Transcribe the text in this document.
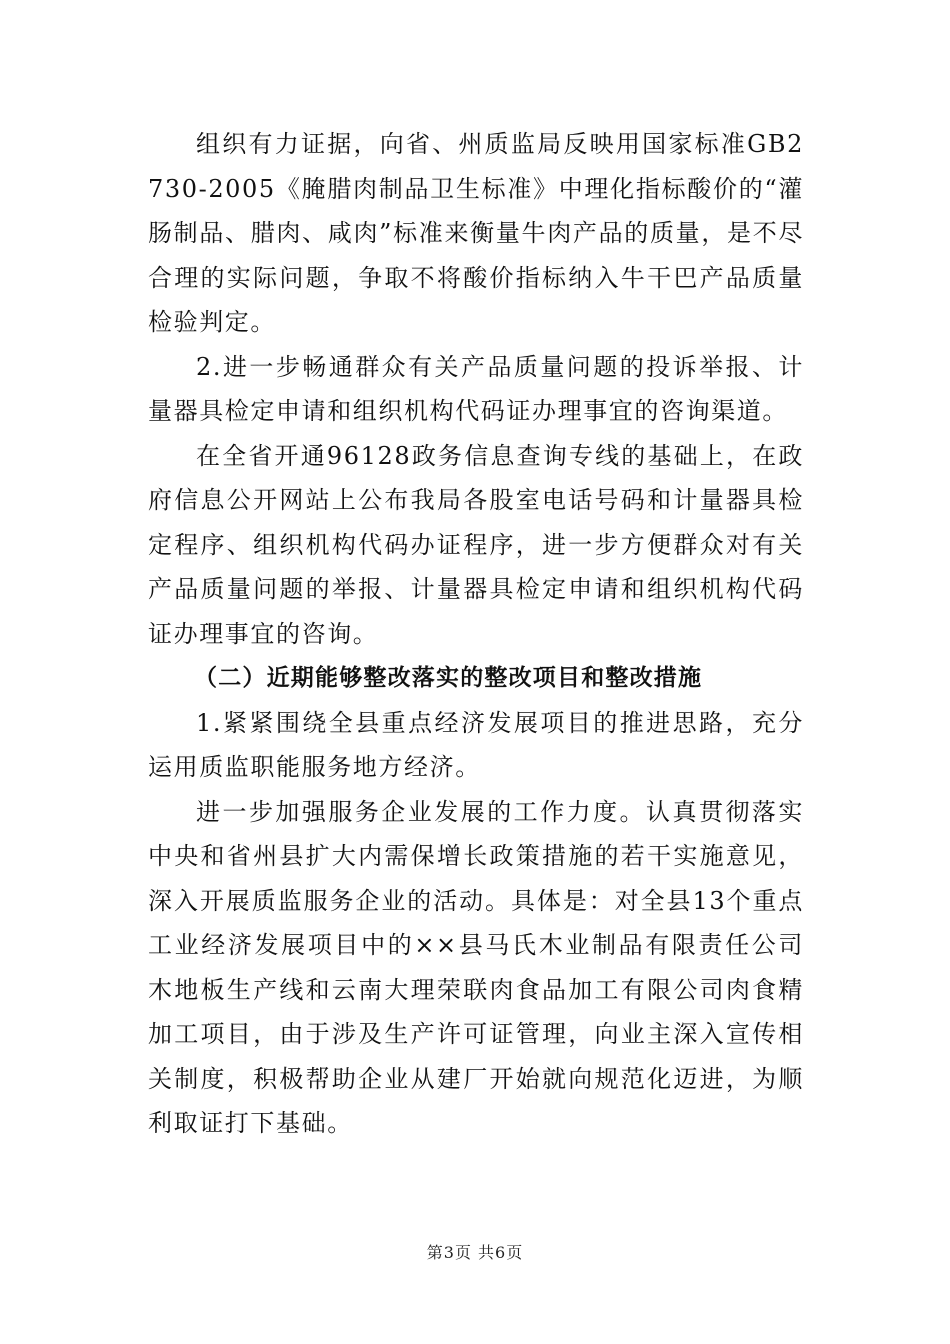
组织有力证据，向省、州质监局反映用国家标准GB2730-2005《腌腊肉制品卫生标准》中理化指标酸价的“灌肠制品、腊肉、咸肉”标准来衡量牛肉产品的质量，是不尽合理的实际问题，争取不将酸价指标纳入牛干巴产品质量检验判定。

2.进一步畅通群众有关产品质量问题的投诉举报、计量器具检定申请和组织机构代码证办理事宜的咨询渠道。

在全省开通96128政务信息查询专线的基础上，在政府信息公开网站上公布我局各股室电话号码和计量器具检定程序、组织机构代码办证程序，进一步方便群众对有关产品质量问题的举报、计量器具检定申请和组织机构代码证办理事宜的咨询。

（二）近期能够整改落实的整改项目和整改措施

1.紧紧围绕全县重点经济发展项目的推进思路，充分运用质监职能服务地方经济。

进一步加强服务企业发展的工作力度。认真贯彻落实中央和省州县扩大内需保增长政策措施的若干实施意见，深入开展质监服务企业的活动。具体是：对全县13个重点工业经济发展项目中的××县马氏木业制品有限责任公司木地板生产线和云南大理荣联肉食品加工有限公司肉食精加工项目，由于涉及生产许可证管理，向业主深入宣传相关制度，积极帮助企业从建厂开始就向规范化迈进，为顺利取证打下基础。

第3页 共6页
